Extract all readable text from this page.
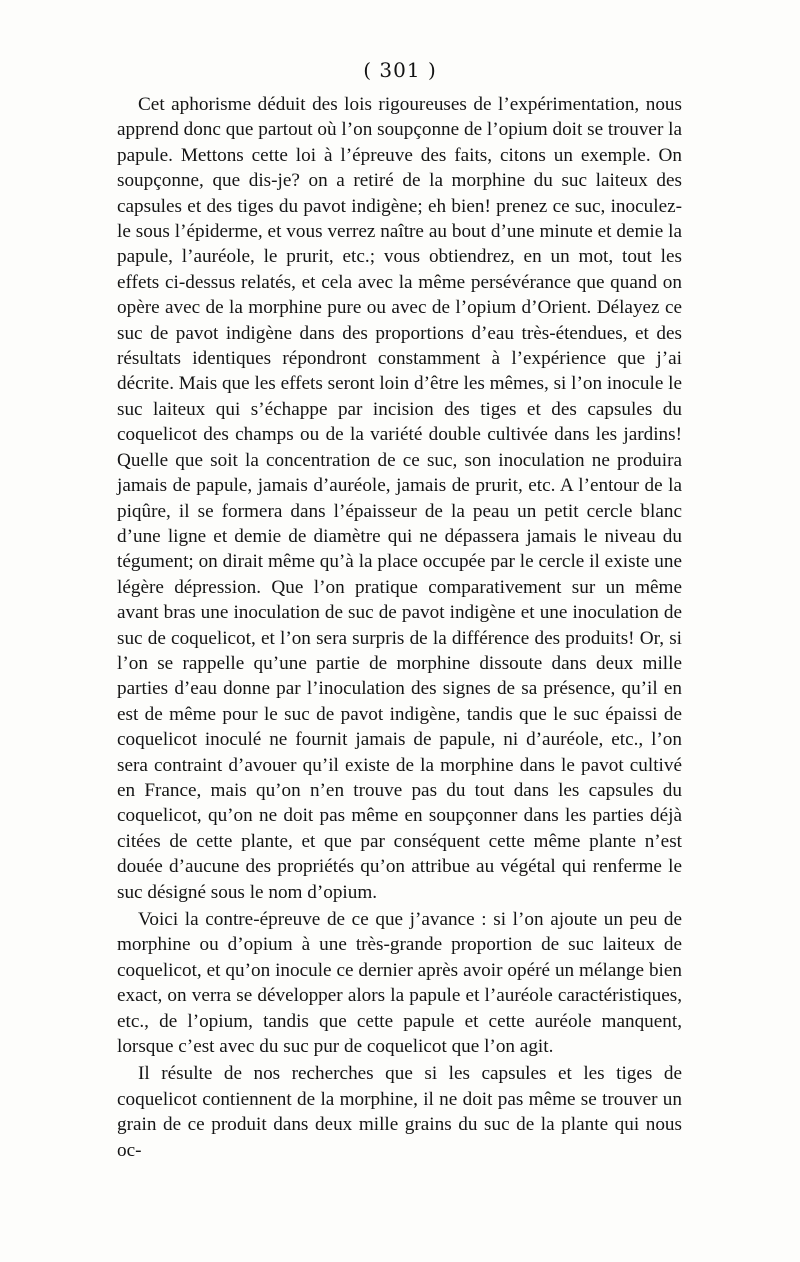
( 301 )

Cet aphorisme déduit des lois rigoureuses de l’expérimentation, nous apprend donc que partout où l’on soupçonne de l’opium doit se trouver la papule. Mettons cette loi à l’épreuve des faits, citons un exemple. On soupçonne, que dis-je? on a retiré de la morphine du suc laiteux des capsules et des tiges du pavot indigène; eh bien! prenez ce suc, inoculez-le sous l’épiderme, et vous verrez naître au bout d’une minute et demie la papule, l’auréole, le prurit, etc.; vous obtiendrez, en un mot, tout les effets ci-dessus relatés, et cela avec la même persévérance que quand on opère avec de la morphine pure ou avec de l’opium d’Orient. Délayez ce suc de pavot indigène dans des proportions d’eau très-étendues, et des résultats identiques répondront constamment à l’expérience que j’ai décrite. Mais que les effets seront loin d’être les mêmes, si l’on inocule le suc laiteux qui s’échappe par incision des tiges et des capsules du coquelicot des champs ou de la variété double cultivée dans les jardins! Quelle que soit la concentration de ce suc, son inoculation ne produira jamais de papule, jamais d’auréole, jamais de prurit, etc. A l’entour de la piqûre, il se formera dans l’épaisseur de la peau un petit cercle blanc d’une ligne et demie de diamètre qui ne dépassera jamais le niveau du tégument; on dirait même qu’à la place occupée par le cercle il existe une légère dépression. Que l’on pratique comparativement sur un même avant bras une inoculation de suc de pavot indigène et une inoculation de suc de coquelicot, et l’on sera surpris de la différence des produits! Or, si l’on se rappelle qu’une partie de morphine dissoute dans deux mille parties d’eau donne par l’inoculation des signes de sa présence, qu’il en est de même pour le suc de pavot indigène, tandis que le suc épaissi de coquelicot inoculé ne fournit jamais de papule, ni d’auréole, etc., l’on sera contraint d’avouer qu’il existe de la morphine dans le pavot cultivé en France, mais qu’on n’en trouve pas du tout dans les capsules du coquelicot, qu’on ne doit pas même en soupçonner dans les parties déjà citées de cette plante, et que par conséquent cette même plante n’est douée d’aucune des propriétés qu’on attribue au végétal qui renferme le suc désigné sous le nom d’opium.

Voici la contre-épreuve de ce que j’avance : si l’on ajoute un peu de morphine ou d’opium à une très-grande proportion de suc laiteux de coquelicot, et qu’on inocule ce dernier après avoir opéré un mélange bien exact, on verra se développer alors la papule et l’auréole caractéristiques, etc., de l’opium, tandis que cette papule et cette auréole manquent, lorsque c’est avec du suc pur de coquelicot que l’on agit.

Il résulte de nos recherches que si les capsules et les tiges de coquelicot contiennent de la morphine, il ne doit pas même se trouver un grain de ce produit dans deux mille grains du suc de la plante qui nous oc-
